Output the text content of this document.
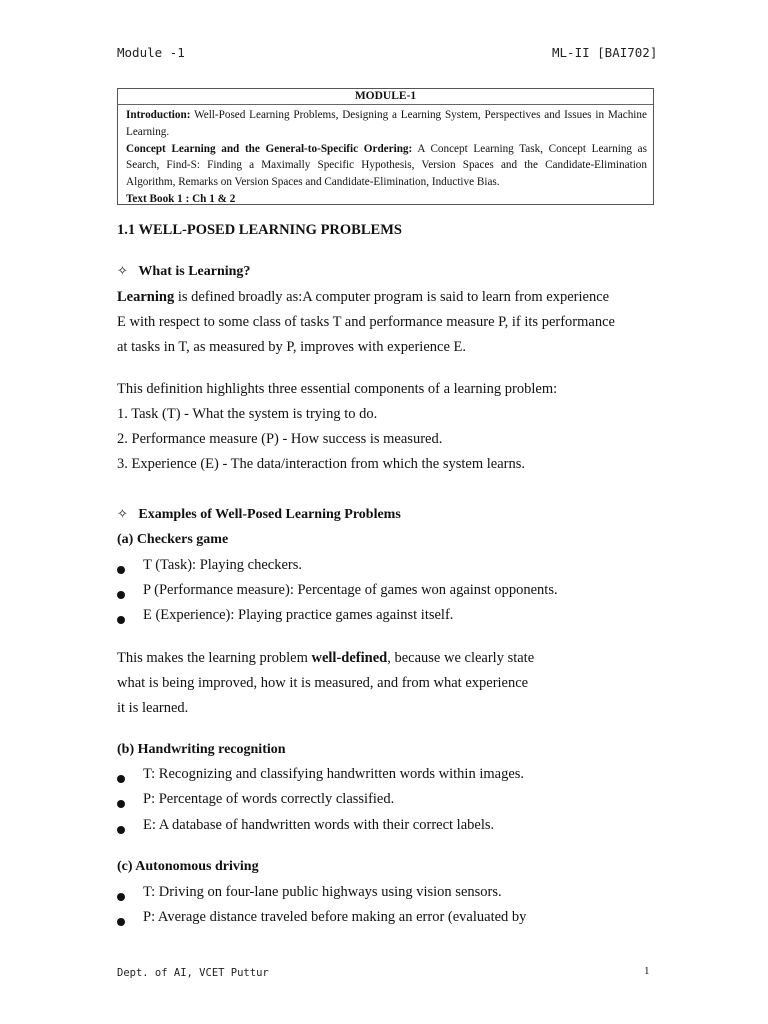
Module -1	ML-II [BAI702]
MODULE-1
Introduction: Well-Posed Learning Problems, Designing a Learning System, Perspectives and Issues in Machine
Learning.
Concept Learning and the General-to-Specific Ordering: A Concept Learning Task, Concept Learning as
Search, Find-S: Finding a Maximally Specific Hypothesis, Version Spaces and the Candidate-Elimination
Algorithm, Remarks on Version Spaces and Candidate-Elimination, Inductive Bias.
Text Book 1 : Ch 1 & 2
1.1 WELL-POSED LEARNING PROBLEMS
✧ What is Learning?
Learning is defined broadly as:A computer program is said to learn from experience
E with respect to some class of tasks T and performance measure P, if its performance
at tasks in T, as measured by P, improves with experience E.
This definition highlights three essential components of a learning problem:
1. Task (T) - What the system is trying to do.
2. Performance measure (P) - How success is measured.
3. Experience (E) - The data/interaction from which the system learns.
✧ Examples of Well-Posed Learning Problems
(a) Checkers game
T (Task): Playing checkers.
P (Performance measure): Percentage of games won against opponents.
E (Experience): Playing practice games against itself.
This makes the learning problem well-defined, because we clearly state
what is being improved, how it is measured, and from what experience
it is learned.
(b) Handwriting recognition
T: Recognizing and classifying handwritten words within images.
P: Percentage of words correctly classified.
E: A database of handwritten words with their correct labels.
(c) Autonomous driving
T: Driving on four-lane public highways using vision sensors.
P: Average distance traveled before making an error (evaluated by
Dept. of AI, VCET Puttur	1
